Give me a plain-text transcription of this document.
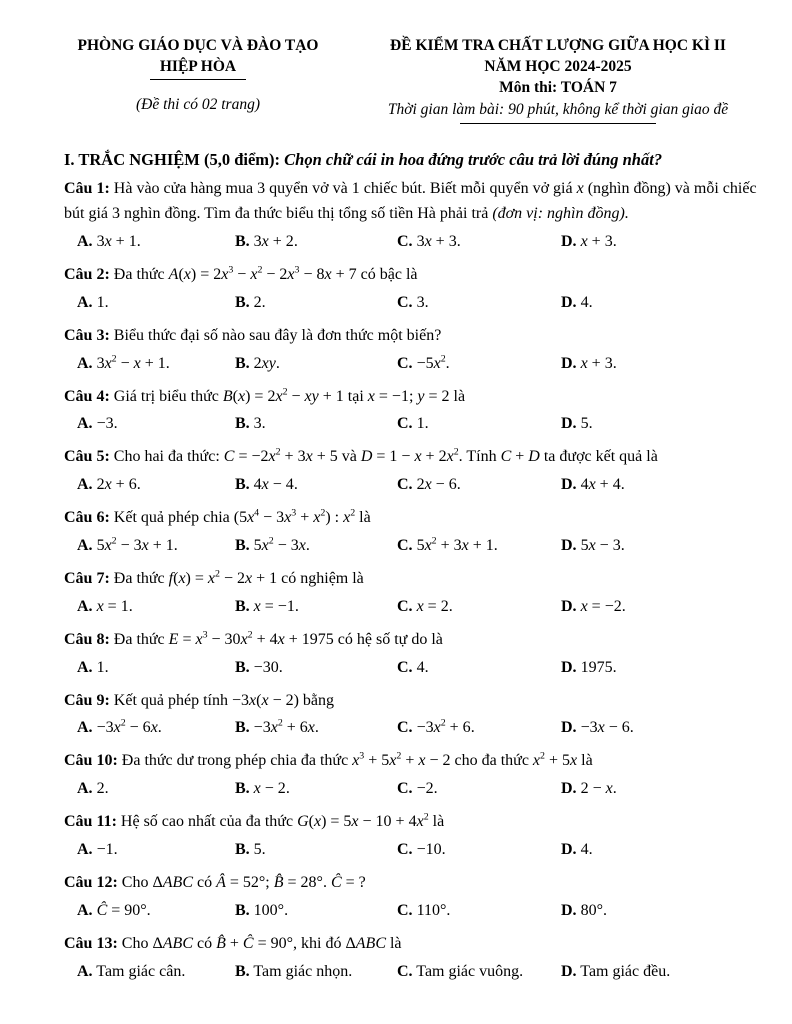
PHÒNG GIÁO DỤC VÀ ĐÀO TẠO
HIỆP HÒA
(Đề thi có 02 trang)
ĐỀ KIỂM TRA CHẤT LƯỢNG GIỮA HỌC KÌ II
NĂM HỌC 2024-2025
Môn thi: TOÁN 7
Thời gian làm bài: 90 phút, không kể thời gian giao đề
I. TRẮC NGHIỆM (5,0 điểm): Chọn chữ cái in hoa đứng trước câu trả lời đúng nhất?

Câu 1: Hà vào cửa hàng mua 3 quyển vở và 1 chiếc bút. Biết mỗi quyển vở giá x (nghìn đồng) và mỗi chiếc bút giá 3 nghìn đồng. Tìm đa thức biểu thị tổng số tiền Hà phải trả (đơn vị: nghìn đồng).

A. 3x + 1.	B. 3x + 2.	C. 3x + 3.	D. x + 3.

Câu 2: Đa thức $A(x) = 2x^3 - x^2 - 2x^3 - 8x + 7$ có bậc là

A. 1.	B. 2.	C. 3.	D. 4.

Câu 3: Biểu thức đại số nào sau đây là đơn thức một biến?

A. $3x^2 - x + 1$.	B. 2xy.	C. $-5x^2$.	D. x + 3.

Câu 4: Giá trị biểu thức $B(x) = 2x^2$ − xy + 1 tại x = −1; y = 2 là

A. −3.	B. 3.	C. 1.	D. 5.

Câu 5: Cho hai đa thức: $C = -2x^2 + 3x + 5$ và $D = 1 - x + 2x^2$. Tính C + D ta được kết quả là

A. 2x + 6.	B. 4x − 4.	C. 2x − 6.	D. 4x + 4.

Câu 6: Kết quả phép chia $(5x^4 - 3x^3 + x^2)$ : $x^2$ là

A. $5x^2 - 3x + 1$.	B. $5x^2 - 3x$.	C. $5x^2 + 3x + 1$.	D. 5x − 3.

Câu 7: Đa thức $f(x) = x^2 - 2x + 1$ có nghiệm là

A. x = 1.	B. x = −1.	C. x = 2.	D. x = −2.

Câu 8: Đa thức $E = x^3 - 30x^2 + 4x + 1975$ có hệ số tự do là

A. 1.	B. −30.	C. 4.	D. 1975.

Câu 9: Kết quả phép tính −3x(x − 2) bằng

A. $-3x^2 - 6x$.	B. $-3x^2 + 6x$.	C. $-3x^2 + 6$.	D. −3x − 6.

Câu 10: Đa thức dư trong phép chia đa thức $x^3 + 5x^2 + x - 2$ cho đa thức $x^2 + 5x$ là

A. 2.	B. x − 2.	C. −2.	D. 2 − x.

Câu 11: Hệ số cao nhất của đa thức $G(x) = 5x - 10 + 4x^2$ là

A. −1.	B. 5.	C. −10.	D. 4.

Câu 12: Cho ΔABC có Â = 52°; B̂ = 28°. Ĉ = ?

A. Ĉ = 90°.	B. 100°.	C. 110°.	D. 80°.

Câu 13: Cho ΔABC có B̂ + Ĉ = 90°, khi đó ΔABC là

A. Tam giác cân.	B. Tam giác nhọn.	C. Tam giác vuông.	D. Tam giác đều.
